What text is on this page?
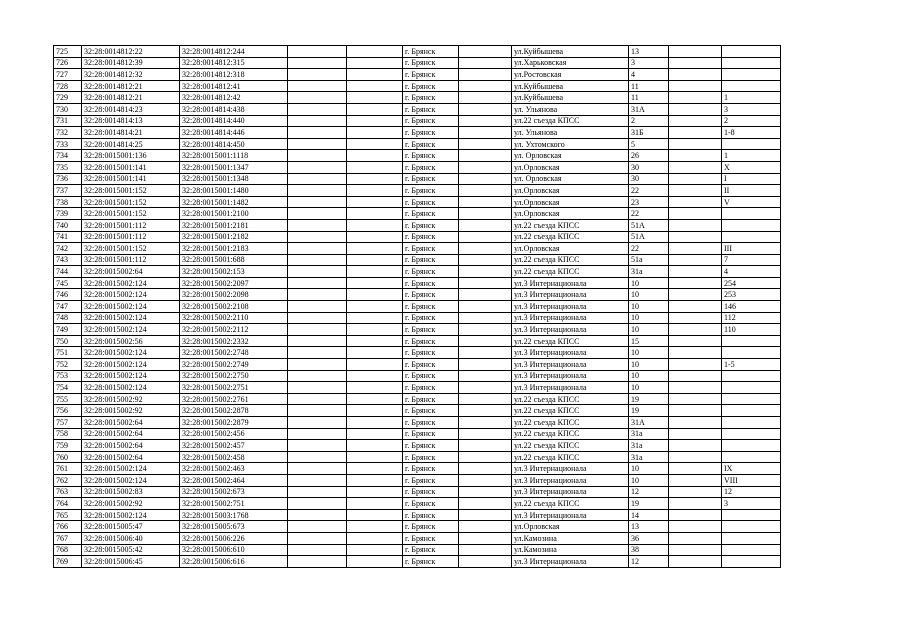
725	32:28:0014812:22	32:28:0014812:244			г. Брянск		ул.Куйбышева	13		
726	32:28:0014812:39	32:28:0014812:315			г. Брянск		ул.Харьковская	3		
727	32:28:0014812:32	32:28:0014812:318			г. Брянск		ул.Ростовская	4		
728	32:28:0014812:21	32:28:0014812:41			г. Брянск		ул.Куйбышева	11		
729	32:28:0014812:21	32:28:0014812:42			г. Брянск		ул.Куйбышева	11		1
730	32:28:0014814:23	32:28:0014814:438			г. Брянск		ул. Ульянова	31А		3
731	32:28:0014814:13	32:28:0014814:440			г. Брянск		ул.22 съезда КПСС	2		2
732	32:28:0014814:21	32:28:0014814:446			г. Брянск		ул. Ульянова	31Б		1-8
733	32:28:0014814:25	32:28:0014814:450			г. Брянск		ул. Ухтомского	5		
734	32:28:0015001:136	32:28:0015001:1118			г. Брянск		ул. Орловская	26		1
735	32:28:0015001:141	32:28:0015001:1347			г. Брянск		ул.Орловская	30		X
736	32:28:0015001:141	32:28:0015001:1348			г. Брянск		ул. Орловская	30		I
737	32:28:0015001:152	32:28:0015001:1480			г. Брянск		ул.Орловская	22		II
738	32:28:0015001:152	32:28:0015001:1482			г. Брянск		ул.Орловская	23		V
739	32:28:0015001:152	32:28:0015001:2100			г. Брянск		ул.Орловская	22		
740	32:28:0015001:112	32:28:0015001:2181			г. Брянск		ул.22 съезда КПСС	51А		
741	32:28:0015001:112	32:28:0015001:2182			г. Брянск		ул.22 съезда КПСС	51А		
742	32:28:0015001:152	32:28:0015001:2183			г. Брянск		ул.Орловская	22		III
743	32:28:0015001:112	32:28:0015001:688			г. Брянск		ул.22 съезда КПСС	51а		7
744	32:28:0015002:64	32:28:0015002:153			г. Брянск		ул.22 съезда КПСС	31а		4
745	32:28:0015002:124	32:28:0015002:2097			г. Брянск		ул.3 Интернационала	10		254
746	32:28:0015002:124	32:28:0015002:2098			г. Брянск		ул.3 Интернационала	10		253
747	32:28:0015002:124	32:28:0015002:2108			г. Брянск		ул.3 Интернационала	10		146
748	32:28:0015002:124	32:28:0015002:2110			г. Брянск		ул.3 Интернационала	10		112
749	32:28:0015002:124	32:28:0015002:2112			г. Брянск		ул.3 Интернационала	10		110
750	32:28:0015002:56	32:28:0015002:2332			г. Брянск		ул.22 съезда КПСС	15		
751	32:28:0015002:124	32:28:0015002:2748			г. Брянск		ул.3 Интернационала	10		
752	32:28:0015002:124	32:28:0015002:2749			г. Брянск		ул.3 Интернационала	10		1-5
753	32:28:0015002:124	32:28:0015002:2750			г. Брянск		ул.3 Интернационала	10		
754	32:28:0015002:124	32:28:0015002:2751			г. Брянск		ул.3 Интернационала	10		
755	32:28:0015002:92	32:28:0015002:2761			г. Брянск		ул.22 съезда КПСС	19		
756	32:28:0015002:92	32:28:0015002:2878			г. Брянск		ул.22 съезда КПСС	19		
757	32:28:0015002:64	32:28:0015002:2879			г. Брянск		ул.22 съезда КПСС	31А		
758	32:28:0015002:64	32:28:0015002:456			г. Брянск		ул.22 съезда КПСС	31а		
759	32:28:0015002:64	32:28:0015002:457			г. Брянск		ул.22 съезда КПСС	31а		
760	32:28:0015002:64	32:28:0015002:458			г. Брянск		ул.22 съезда КПСС	31а		
761	32:28:0015002:124	32:28:0015002:463			г. Брянск		ул.3 Интернационала	10		IX
762	32:28:0015002:124	32:28:0015002:464			г. Брянск		ул.3 Интернационала	10		VIII
763	32:28:0015002:83	32:28:0015002:673			г. Брянск		ул.3 Интернационала	12		12
764	32:28:0015002:92	32:28:0015002:751			г. Брянск		ул.22 съезда КПСС	19		3
765	32:28:0015002:124	32:28:0015003:1768			г. Брянск		ул.3 Интернационала	14		
766	32:28:0015005:47	32:28:0015005:673			г. Брянск		ул.Орловская	13		
767	32:28:0015006:40	32:28:0015006:226			г. Брянск		ул.Камозина	36		
768	32:28:0015005:42	32:28:0015006:610			г. Брянск		ул.Камозина	38		
769	32:28:0015006:45	32:28:0015006:616			г. Брянск		ул.3 Интернационала	12		
